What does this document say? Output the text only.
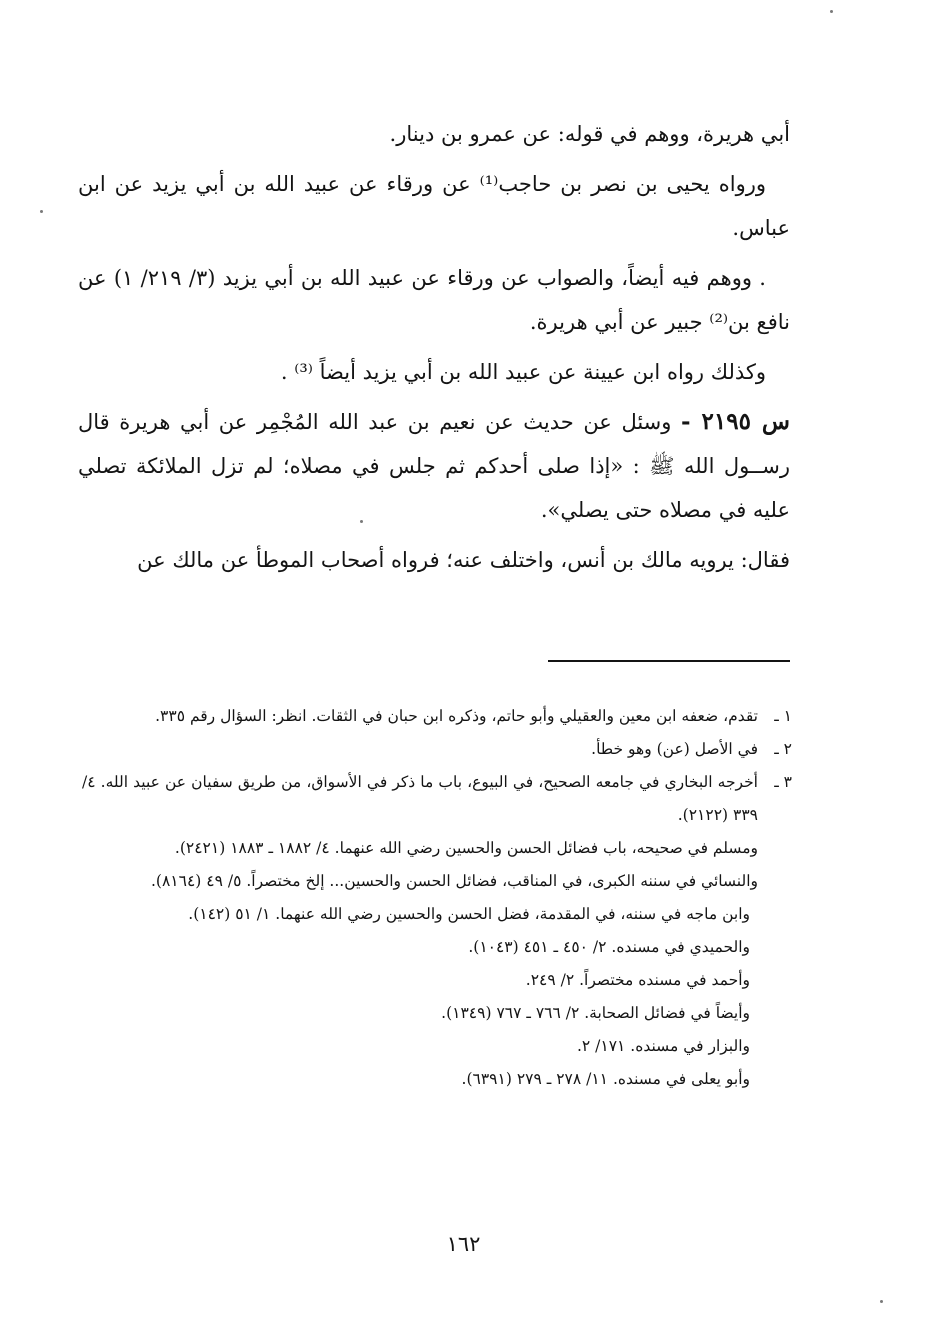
أبي هريرة، ووهم في قوله: عن عمرو بن دينار.

ورواه يحيى بن نصر بن حاجب⁽¹⁾ عن ورقاء عن عبيد الله بن أبي يزيد عن ابن عباس.

. ووهم فيه أيضاً، والصواب عن ورقاء عن عبيد الله بن أبي يزيد (٣/ ٢١٩/ ١) عن نافع بن⁽²⁾ جبير عن أبي هريرة.

وكذلك رواه ابن عيينة عن عبيد الله بن أبي يزيد أيضاً ⁽³⁾ .

س ٢١٩٥ - وسئل عن حديث عن نعيم بن عبد الله المُجْمِر عن أبي هريرة قال رســول الله ﷺ : «إذا صلى أحدكم ثم جلس في مصلاه؛ لم تزل الملائكة تصلي عليه في مصلاه حتى يصلي».

فقال: يرويه مالك بن أنس، واختلف عنه؛ فرواه أصحاب الموطأ عن مالك عن

١ ـ
تقدم، ضعفه ابن معين والعقيلي وأبو حاتم، وذكره ابن حبان في الثقات. انظر: السؤال رقم ٣٣٥.
٢ ـ
في الأصل (عن) وهو خطأ.
٣ ـ
أخرجه البخاري في جامعه الصحيح، في البيوع، باب ما ذكر في الأسواق، من طريق سفيان عن عبيد الله. ٤/ ٣٣٩ (٢١٢٢).

ومسلم في صحيحه، باب فضائل الحسن والحسين رضي الله عنهما. ٤/ ١٨٨٢ ـ ١٨٨٣ (٢٤٢١).

والنسائي في سننه الكبرى، في المناقب، فضائل الحسن والحسين... إلخ مختصراً. ٥/ ٤٩ (٨١٦٤).

وابن ماجه في سننه، في المقدمة، فضل الحسن والحسين رضي الله عنهما. ١/ ٥١ (١٤٢).

والحميدي في مسنده. ٢/ ٤٥٠ ـ ٤٥١ (١٠٤٣).

وأحمد في مسنده مختصراً. ٢/ ٢٤٩.

وأيضاً في فضائل الصحابة. ٢/ ٧٦٦ ـ ٧٦٧ (١٣٤٩).

والبزار في مسنده. ١٧١/ ٢.

وأبو يعلى في مسنده. ١١/ ٢٧٨ ـ ٢٧٩ (٦٣٩١).

١٦٢
